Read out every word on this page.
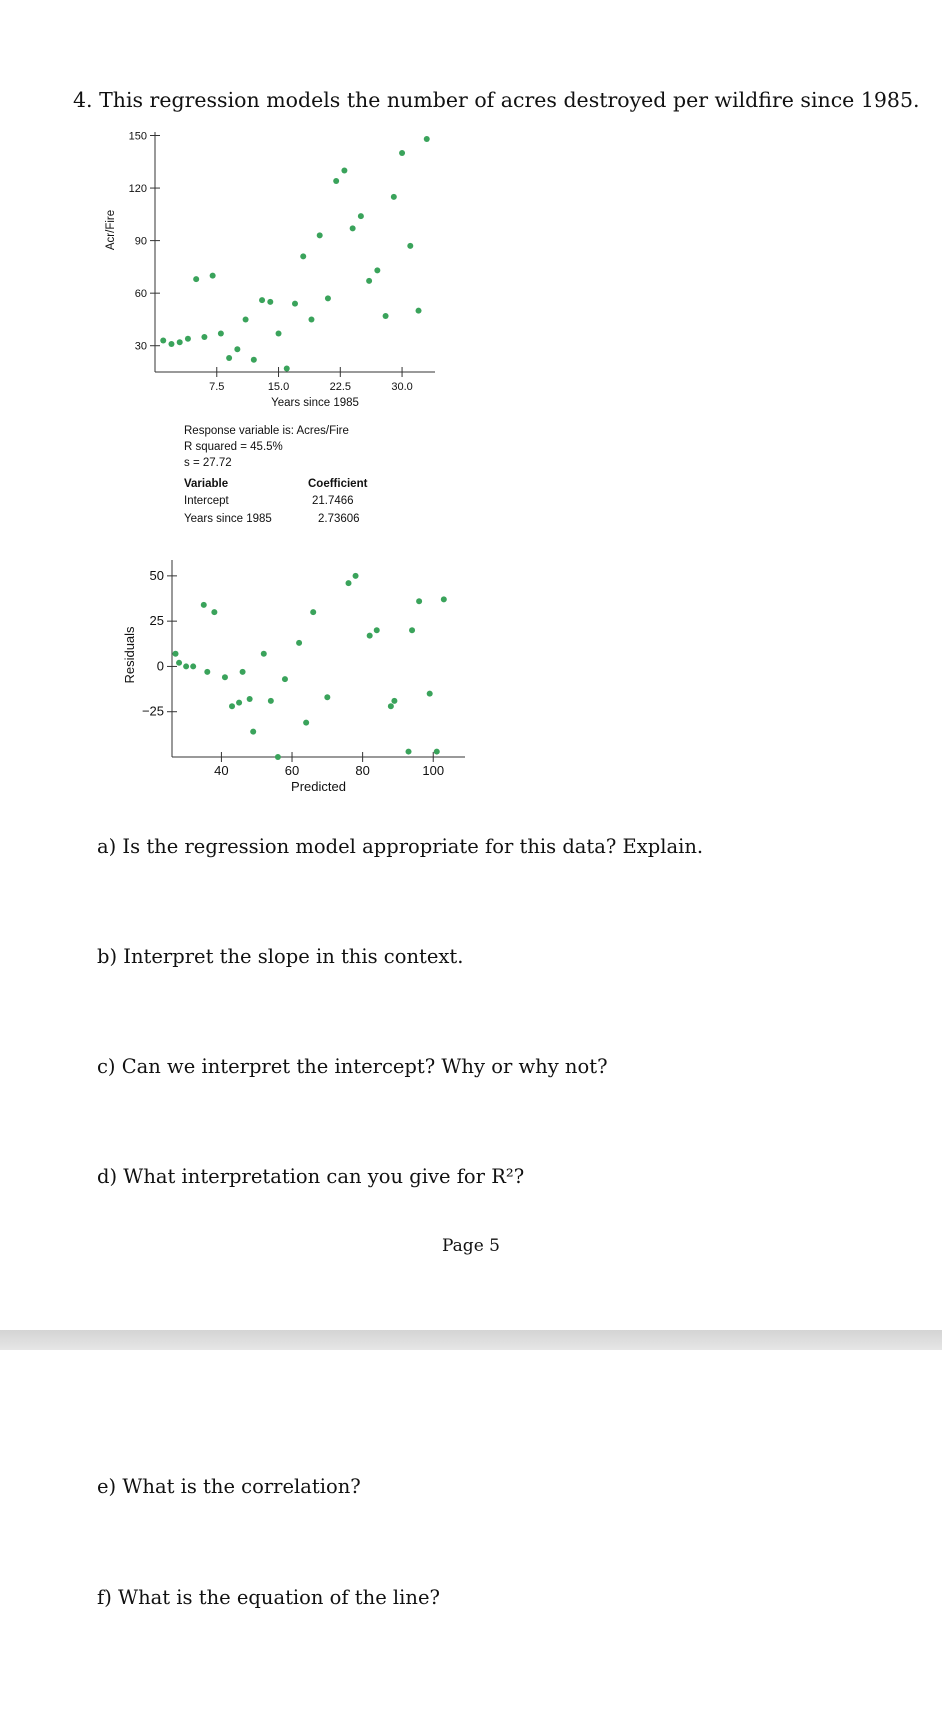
4. This regression models the number of acres destroyed per wildfire since 1985.

30
60
90
120
150
7.5	15.0	22.5	30.0
Years since 1985
Acr/Fire
Response variable is: Acres/Fire
R squared = 45.5%
s = 27.72
Variable	Coefficient
Intercept	21.7466
Years since 1985	2.73606
50
25
0
−25
40	60	80	100
Predicted
Residuals

a) Is the regression model appropriate for this data? Explain.

b) Interpret the slope in this context.

c) Can we interpret the intercept? Why or why not?

d) What interpretation can you give for R²?

Page 5

e) What is the correlation?

f) What is the equation of the line?
